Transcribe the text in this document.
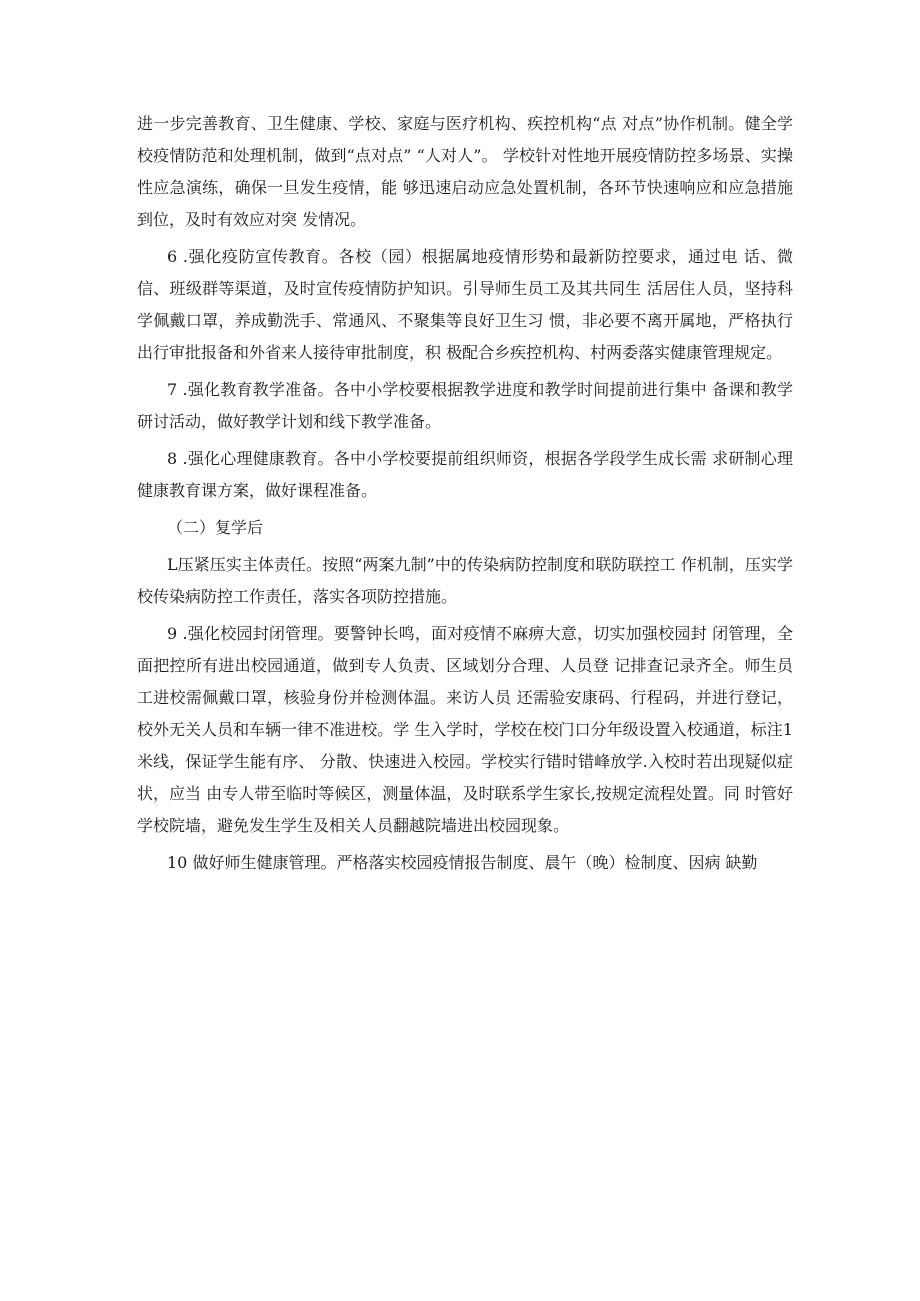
进一步完善教育、卫生健康、学校、家庭与医疗机构、疾控机构“点 对点”协作机制。健全学校疫情防范和处理机制，做到“点对点” “人对人”。 学校针对性地开展疫情防控多场景、实操性应急演练，确保一旦发生疫情，能 够迅速启动应急处置机制，各环节快速响应和应急措施到位，及时有效应对突 发情况。

6 .强化疫防宣传教育。各校（园）根据属地疫情形势和最新防控要求，通过电 话、微信、班级群等渠道，及时宣传疫情防护知识。引导师生员工及其共同生 活居住人员，坚持科学佩戴口罩，养成勤洗手、常通风、不聚集等良好卫生习 惯，非必要不离开属地，严格执行出行审批报备和外省来人接待审批制度，积 极配合乡疾控机构、村两委落实健康管理规定。

7 .强化教育教学准备。各中小学校要根据教学进度和教学时间提前进行集中 备课和教学研讨活动，做好教学计划和线下教学准备。

8 .强化心理健康教育。各中小学校要提前组织师资，根据各学段学生成长需 求研制心理健康教育课方案，做好课程准备。

（二）复学后

L压紧压实主体责任。按照“两案九制”中的传染病防控制度和联防联控工 作机制，压实学校传染病防控工作责任，落实各项防控措施。

9 .强化校园封闭管理。要警钟长鸣，面对疫情不麻痹大意，切实加强校园封 闭管理，全面把控所有进出校园通道，做到专人负责、区域划分合理、人员登 记排查记录齐全。师生员工进校需佩戴口罩，核验身份并检测体温。来访人员 还需验安康码、行程码，并进行登记，校外无关人员和车辆一律不准进校。学 生入学时，学校在校门口分年级设置入校通道，标注1米线，保证学生能有序、 分散、快速进入校园。学校实行错时错峰放学.入校时若出现疑似症状，应当 由专人带至临时等候区，测量体温，及时联系学生家长,按规定流程处置。同 时管好学校院墙，避免发生学生及相关人员翻越院墙进出校园现象。

10 做好师生健康管理。严格落实校园疫情报告制度、晨午（晚）检制度、因病 缺勤
